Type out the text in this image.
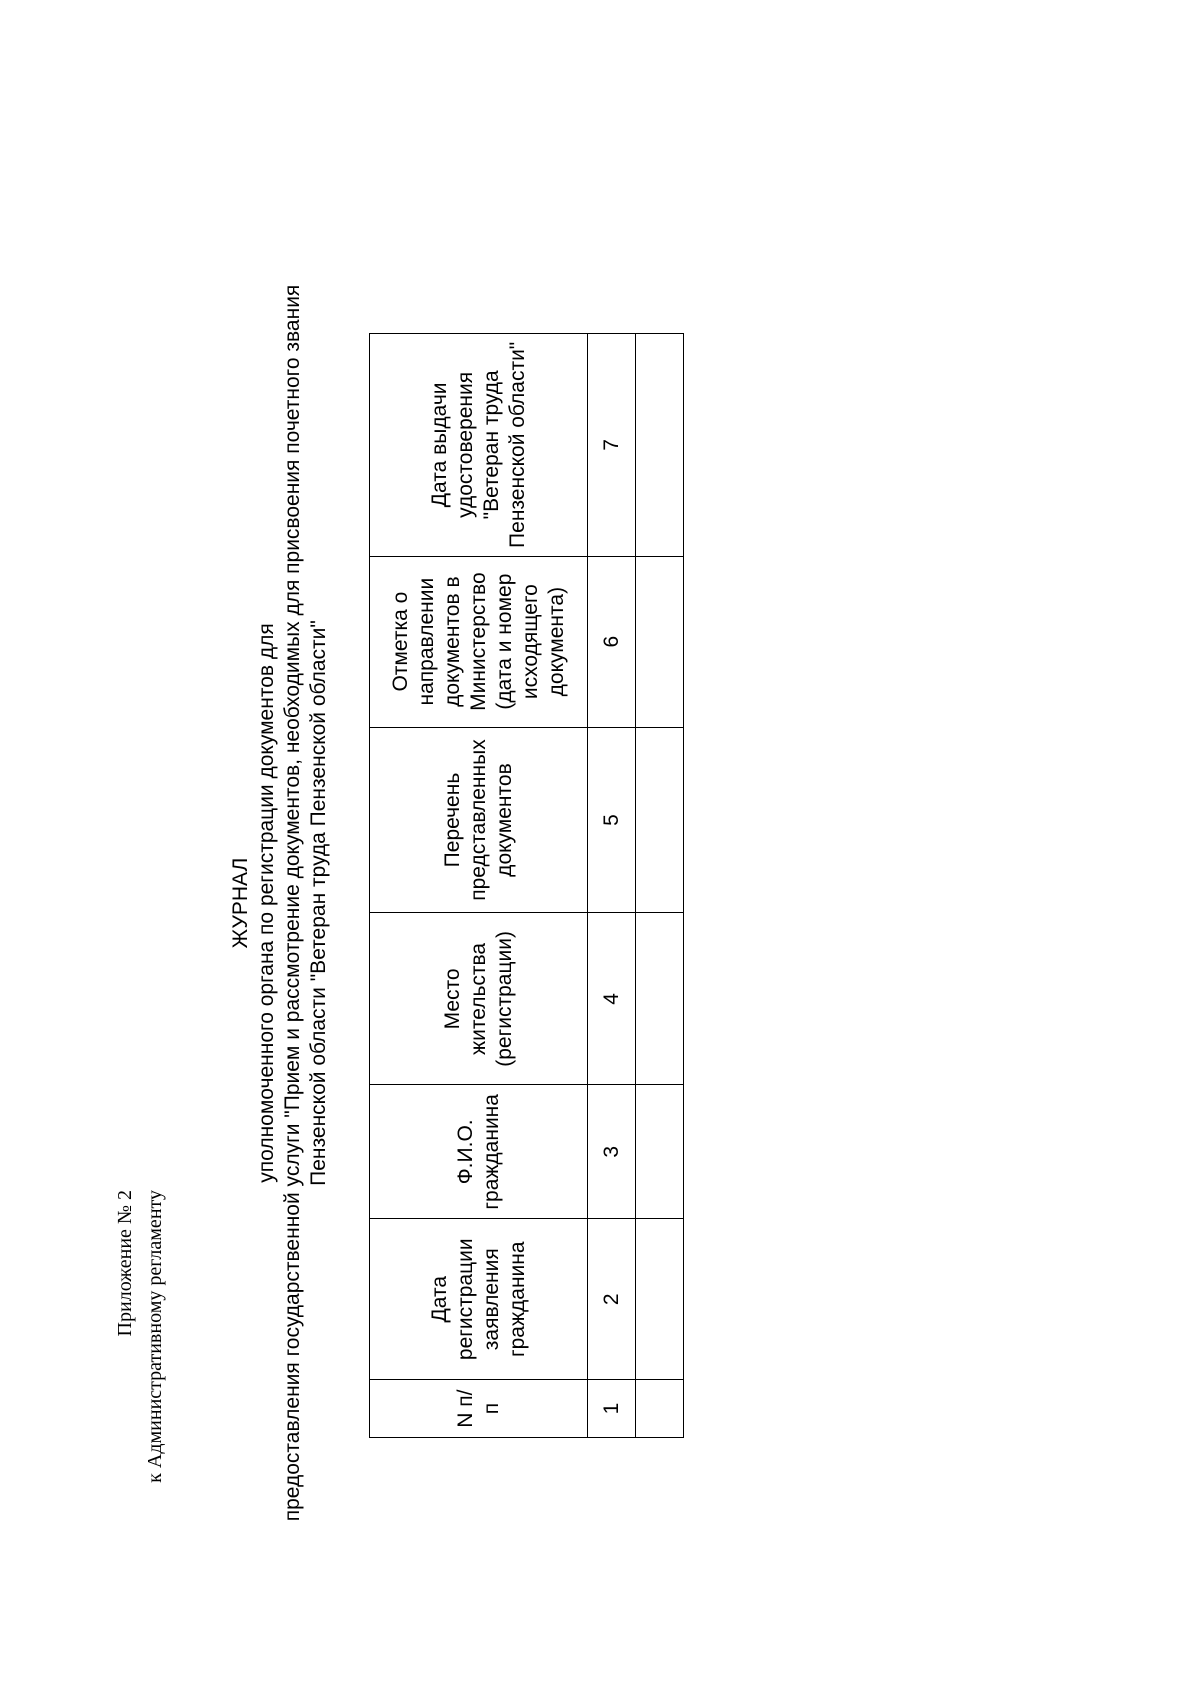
Приложение № 2 к Административному регламенту
ЖУРНАЛ уполномоченного органа по регистрации документов для предоставления государственной услуги "Прием и рассмотрение документов, необходимых для присвоения почетного звания Пензенской области "Ветеран труда Пензенской области"
N п/п	Дата регистрации заявления гражданина	Ф.И.О. гражданина	Место жительства (регистрации)	Перечень представленных документов	Отметка о направлении документов в Министерство (дата и номер исходящего документа)	Дата выдачи удостоверения "Ветеран труда Пензенской области"
1	2	3	4	5	6	7
